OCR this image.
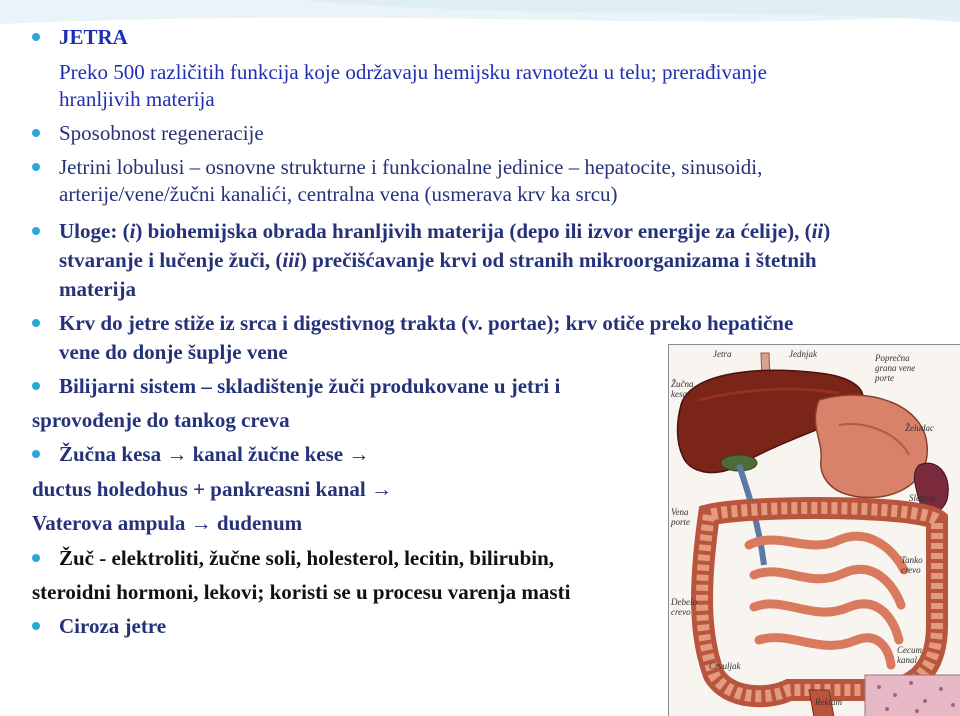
JETRA
Preko 500 različitih funkcija koje održavaju hemijsku ravnotežu u telu; prerađivanje
hranljivih materija
Sposobnost regeneracije
Jetrini lobulusi – osnovne strukturne i funkcionalne jedinice – hepatocite, sinusoidi,
arterije/vene/žučni kanalići, centralna vena (usmerava krv ka srcu)
Uloge: (i) biohemijska obrada hranljivih materija (depo ili izvor energije za ćelije), (ii)
stvaranje i lučenje žuči, (iii) prečišćavanje krvi od stranih mikroorganizama i štetnih
materija
Krv do jetre stiže iz srca i digestivnog trakta (v. portae); krv otiče preko hepatične
vene do donje šuplje vene
Bilijarni sistem – skladištenje žuči produkovane u jetri i
sprovođenje do tankog creva
Žučna kesa → kanal žučne kese →
ductus holedohus + pankreasni kanal →
Vaterova ampula → dudenum
Žuč - elektroliti, žučne soli, holesterol, lecitin, bilirubin,
steroidni hormoni, lekovi; koristi se u procesu varenja masti
Ciroza jetre
Jetra	Jednjak	Poprečna
grana vene
porte
Žučna
kesa
Želudac
Vena
porte
Slezina
Tanko
crevo
Debelo
crevo
Cecum
kanal
Crvuljak
Rektum
